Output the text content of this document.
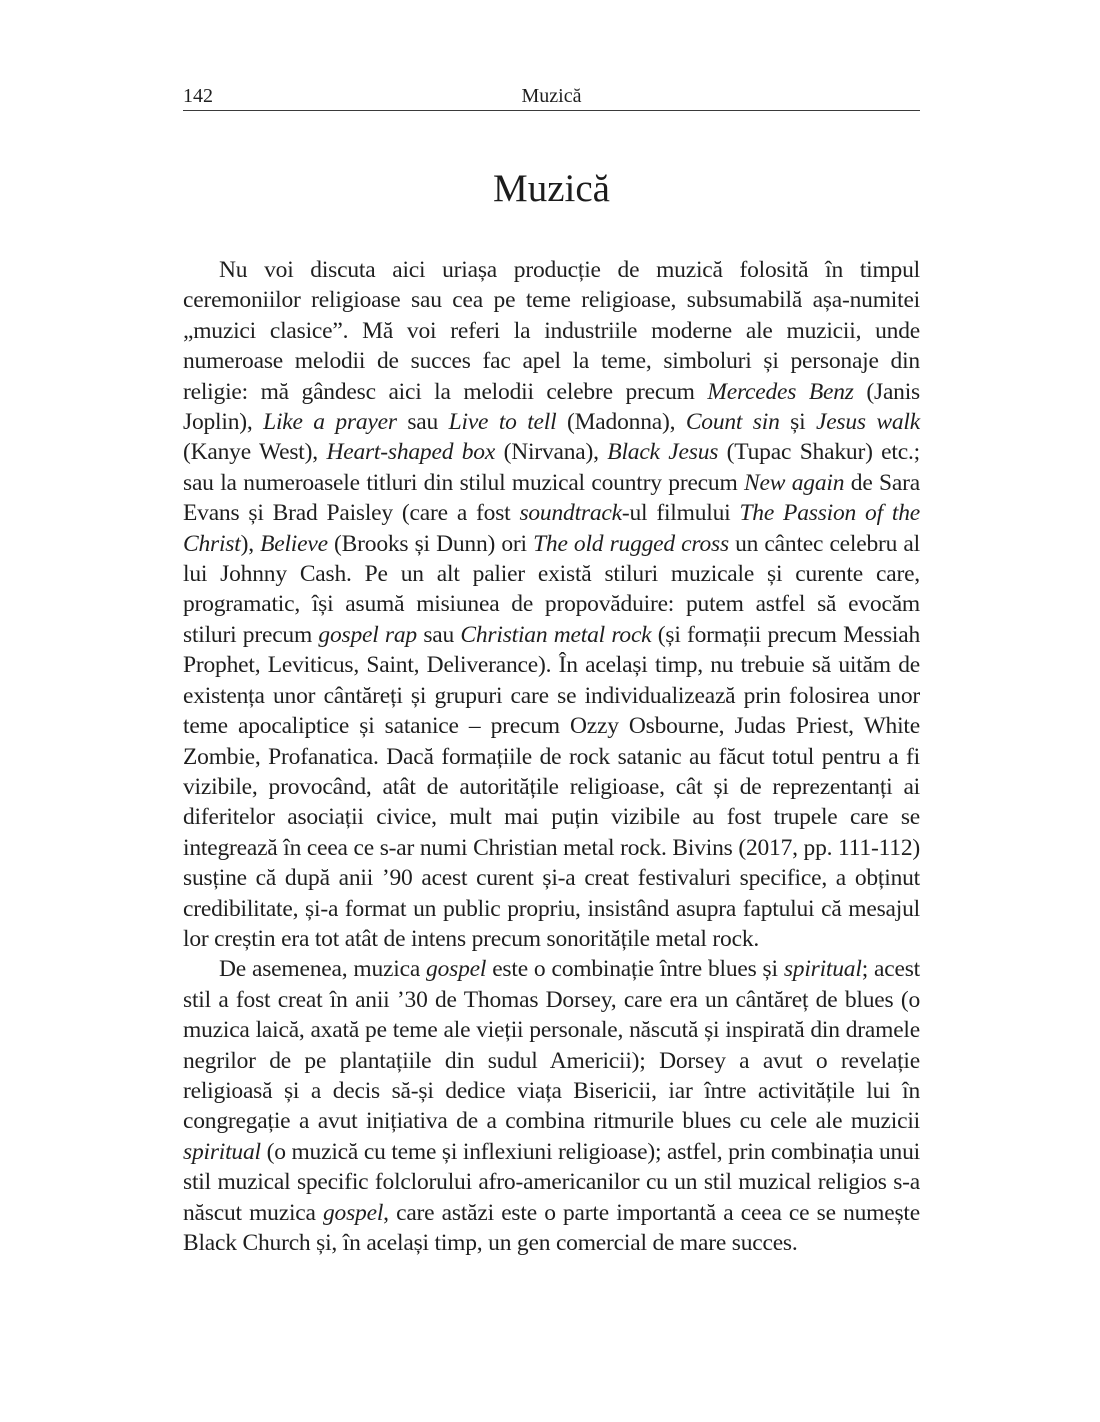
142	Muzică
Muzică

Nu voi discuta aici uriașa producție de muzică folosită în timpul ceremoniilor religioase sau cea pe teme religioase, subsumabilă așa-numitei „muzici clasice”. Mă voi referi la industriile moderne ale muzicii, unde numeroase melodii de succes fac apel la teme, simboluri și personaje din religie: mă gândesc aici la melodii celebre precum Mercedes Benz (Janis Joplin), Like a prayer sau Live to tell (Madonna), Count sin și Jesus walk (Kanye West), Heart-shaped box (Nirvana), Black Jesus (Tupac Shakur) etc.; sau la numeroasele titluri din stilul muzical country precum New again de Sara Evans și Brad Paisley (care a fost soundtrack-ul filmului The Passion of the Christ), Believe (Brooks și Dunn) ori The old rugged cross un cântec celebru al lui Johnny Cash. Pe un alt palier există stiluri muzicale și curente care, programatic, își asumă misiunea de propovăduire: putem astfel să evocăm stiluri precum gospel rap sau Christian metal rock (și formații precum Messiah Prophet, Leviticus, Saint, Deliverance). În același timp, nu trebuie să uităm de existența unor cântăreți și grupuri care se individualizează prin folosirea unor teme apocaliptice și satanice – precum Ozzy Osbourne, Judas Priest, White Zombie, Profanatica. Dacă formațiile de rock satanic au făcut totul pentru a fi vizibile, provocând, atât de autoritățile religioase, cât și de reprezentanți ai diferitelor asociații civice, mult mai puțin vizibile au fost trupele care se integrează în ceea ce s-ar numi Christian metal rock. Bivins (2017, pp. 111-112) susține că după anii ’90 acest curent și-a creat festivaluri specifice, a obținut credibilitate, și-a format un public propriu, insistând asupra faptului că mesajul lor creștin era tot atât de intens precum sonoritățile metal rock.

De asemenea, muzica gospel este o combinație între blues și spiritual; acest stil a fost creat în anii ’30 de Thomas Dorsey, care era un cântăreț de blues (o muzica laică, axată pe teme ale vieții personale, născută și inspirată din dramele negrilor de pe plantațiile din sudul Americii); Dorsey a avut o revelație religioasă și a decis să-și dedice viața Bisericii, iar între activitățile lui în congregație a avut inițiativa de a combina ritmurile blues cu cele ale muzicii spiritual (o muzică cu teme și inflexiuni religioase); astfel, prin combinația unui stil muzical specific folclorului afro-americanilor cu un stil muzical religios s-a născut muzica gospel, care astăzi este o parte importantă a ceea ce se numește Black Church și, în același timp, un gen comercial de mare succes.
